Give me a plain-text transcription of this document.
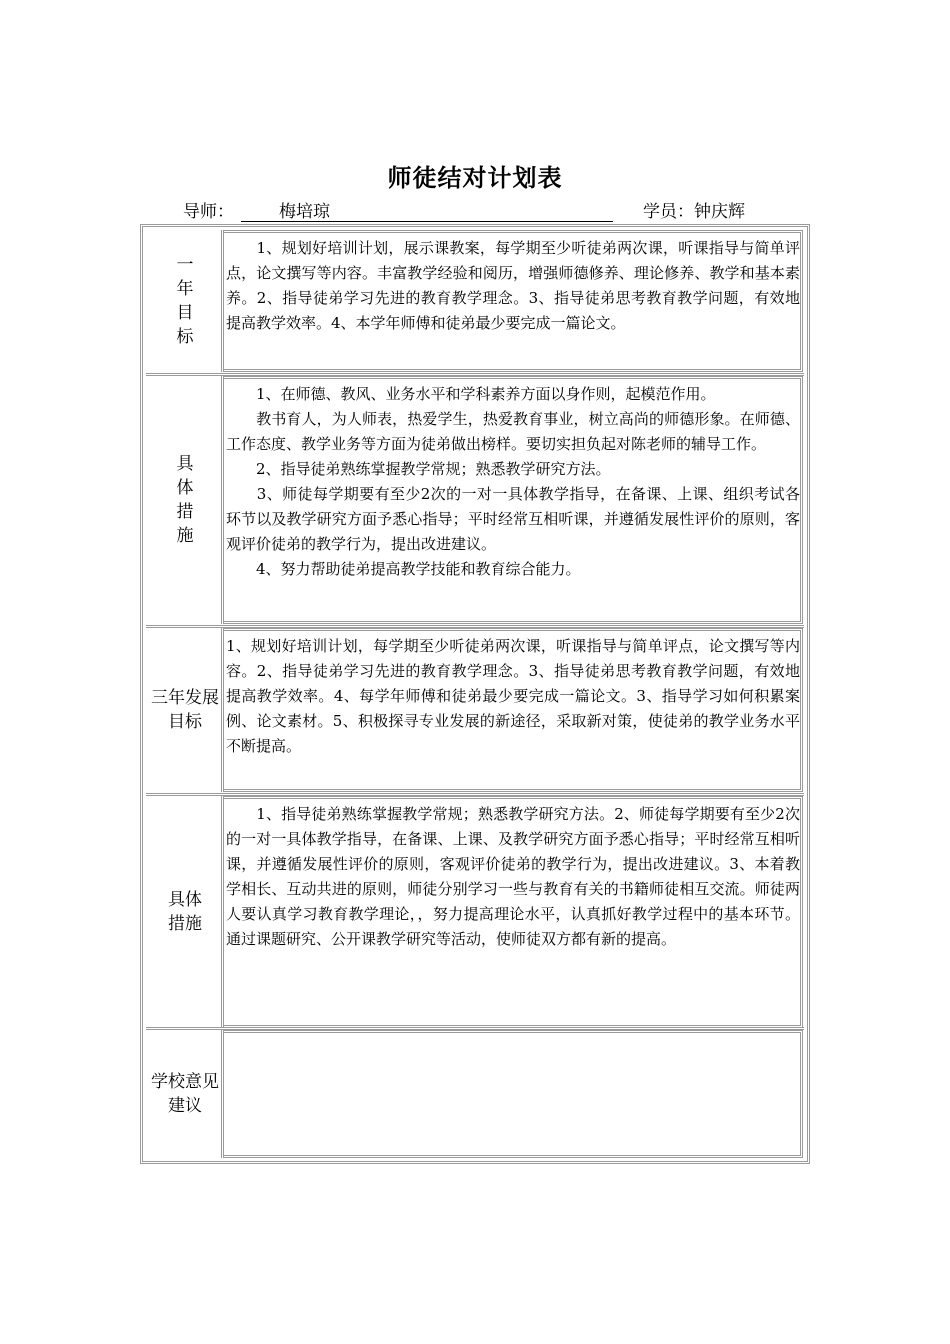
师徒结对计划表
导师：	梅培琼	学员：钟庆辉
一
年
目
标

　　1、规划好培训计划，展示课教案，每学期至少听徒弟两次课，听课指导与简单评点，论文撰写等内容。丰富教学经验和阅历，增强师德修养、理论修养、教学和基本素养。2、指导徒弟学习先进的教育教学理念。3、指导徒弟思考教育教学问题，有效地提高教学效率。4、本学年师傅和徒弟最少要完成一篇论文。

具
体
措
施

　　1、在师德、教风、业务水平和学科素养方面以身作则，起模范作用。

　　教书育人，为人师表，热爱学生，热爱教育事业，树立高尚的师德形象。在师德、工作态度、教学业务等方面为徒弟做出榜样。要切实担负起对陈老师的辅导工作。

　　2、指导徒弟熟练掌握教学常规；熟悉教学研究方法。

　　3、师徒每学期要有至少2次的一对一具体教学指导，在备课、上课、组织考试各环节以及教学研究方面予悉心指导；平时经常互相听课，并遵循发展性评价的原则，客观评价徒弟的教学行为，提出改进建议。

　　4、努力帮助徒弟提高教学技能和教育综合能力。

三年发展
目标

1、规划好培训计划，每学期至少听徒弟两次课，听课指导与简单评点，论文撰写等内容。2、指导徒弟学习先进的教育教学理念。3、指导徒弟思考教育教学问题，有效地提高教学效率。4、每学年师傅和徒弟最少要完成一篇论文。3、指导学习如何积累案例、论文素材。5、积极探寻专业发展的新途径，采取新对策，使徒弟的教学业务水平不断提高。

具体
措施

　　1、指导徒弟熟练掌握教学常规；熟悉教学研究方法。2、师徒每学期要有至少2次的一对一具体教学指导，在备课、上课、及教学研究方面予悉心指导；平时经常互相听课，并遵循发展性评价的原则，客观评价徒弟的教学行为，提出改进建议。3、本着教学相长、互动共进的原则，师徒分别学习一些与教育有关的书籍师徒相互交流。师徒两人要认真学习教育教学理论，，努力提高理论水平，认真抓好教学过程中的基本环节。通过课题研究、公开课教学研究等活动，使师徒双方都有新的提高。

学校意见
建议
